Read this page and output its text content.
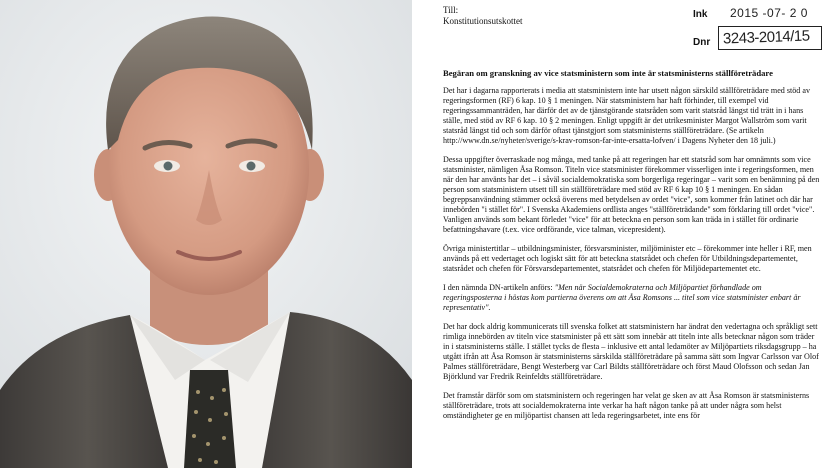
Till:
Konstitutionsutskottet
Ink 2015 -07- 2 0
Dnr 3243-2014/15
Begäran om granskning av vice statsministern som inte är statsministerns ställföreträdare

Det har i dagarna rapporterats i media att statsministern inte har utsett någon särskild ställföreträdare med stöd av regeringsformen (RF) 6 kap. 10 § 1 meningen. När statsministern har haft förhinder, till exempel vid regeringssammanträden, har därför det av de tjänstgörande statsråden som varit statsråd längst tid trätt in i hans ställe, med stöd av RF 6 kap. 10 § 2 meningen. Enligt uppgift är det utrikesminister Margot Wallström som varit statsråd längst tid och som därför oftast tjänstgjort som statsministerns ställföreträdare. (Se artikeln http://www.dn.se/nyheter/sverige/s-krav-romson-far-inte-ersatta-lofven/ i Dagens Nyheter den 18 juli.)

Dessa uppgifter överraskade nog många, med tanke på att regeringen har ett statsråd som har omnämnts som vice statsminister, nämligen Åsa Romson. Titeln vice statsminister förekommer visserligen inte i regeringsformen, men när den har använts har det – i såväl socialdemokratiska som borgerliga regeringar – varit som en benämning på den person som statsministern utsett till sin ställföreträdare med stöd av RF 6 kap 10 § 1 meningen. En sådan begreppsanvändning stämmer också överens med betydelsen av ordet "vice", som kommer från latinet och där har innebörden "i stället för". I Svenska Akademiens ordlista anges "ställföreträdande" som förklaring till ordet "vice". Vanligen används som bekant förledet "vice" för att beteckna en person som kan träda in i stället för ordinarie befattningshavare (t.ex. vice ordförande, vice talman, vicepresident).

Övriga ministertitlar – utbildningsminister, försvarsminister, miljöminister etc – förekommer inte heller i RF, men används på ett vedertaget och logiskt sätt för att beteckna statsrådet och chefen för Utbildningsdepartementet, statsrådet och chefen för Försvarsdepartementet, statsrådet och chefen för Miljödepartementet etc.

I den nämnda DN-artikeln anförs: "Men när Socialdemokraterna och Miljöpartiet förhandlade om regeringsposterna i höstas kom partierna överens om att Åsa Romsons ... titel som vice statsminister enbart är representativ".

Det har dock aldrig kommunicerats till svenska folket att statsministern har ändrat den vedertagna och språkligt sett rimliga innebörden av titeln vice statsminister på ett sätt som innebär att titeln inte alls betecknar någon som träder in i statsministerns ställe. I stället tycks de flesta – inklusive ett antal ledamöter av Miljöpartiets riksdagsgrupp – ha utgått ifrån att Åsa Romson är statsministerns särskilda ställföreträdare på samma sätt som Ingvar Carlsson var Olof Palmes ställföreträdare, Bengt Westerberg var Carl Bildts ställföreträdare och först Maud Olofsson och sedan Jan Björklund var Fredrik Reinfeldts ställföreträdare.

Det framstår därför som om statsministern och regeringen har velat ge sken av att Åsa Romson är statsministerns ställföreträdare, trots att socialdemokraterna inte verkar ha haft någon tanke på att under några som helst omständigheter ge en miljöpartist chansen att leda regeringsarbetet, inte ens för
